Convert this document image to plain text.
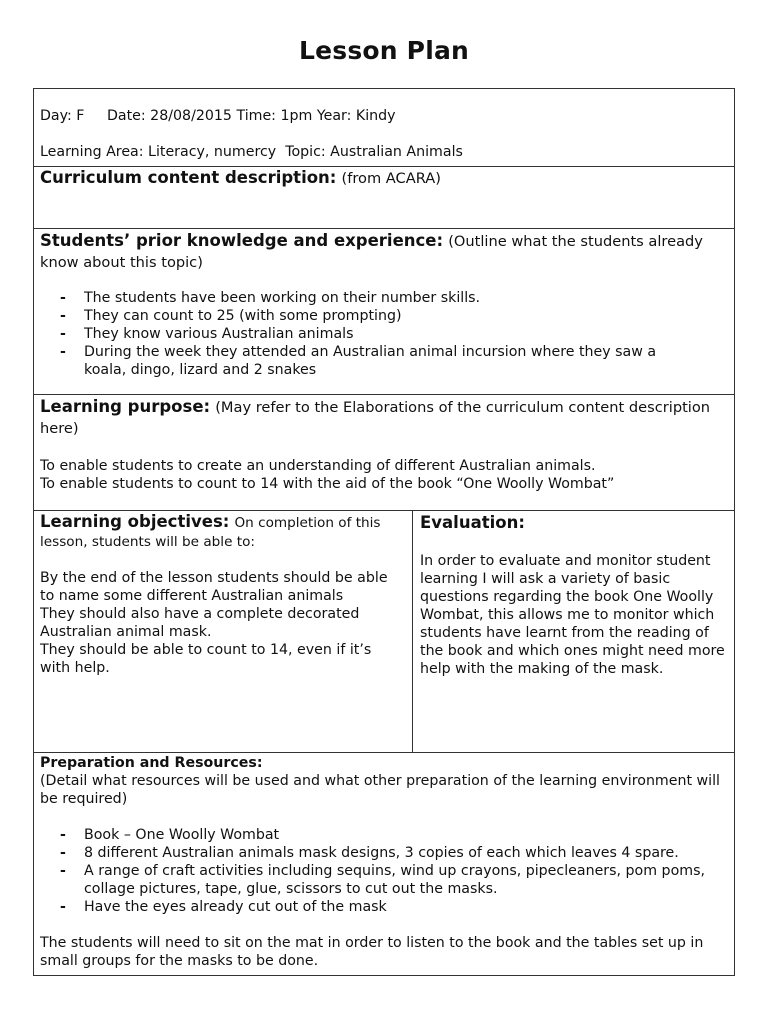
Lesson Plan

Day: F     Date: 28/08/2015 Time: 1pm Year: Kindy

Learning Area: Literacy, numercy  Topic: Australian Animals

Curriculum content description: (from ACARA)

Students’ prior knowledge and experience: (Outline what the students already know about this topic)

- The students have been working on their number skills.
- They can count to 25 (with some prompting)
- They know various Australian animals
- During the week they attended an Australian animal incursion where they saw a koala, dingo, lizard and 2 snakes

Learning purpose: (May refer to the Elaborations of the curriculum content description here)

To enable students to create an understanding of different Australian animals.

To enable students to count to 14 with the aid of the book “One Woolly Wombat”

Learning objectives: On completion of this lesson, students will be able to:

By the end of the lesson students should be able to name some different Australian animals

They should also have a complete decorated Australian animal mask.

They should be able to count to 14, even if it’s with help.

Evaluation:

In order to evaluate and monitor student learning I will ask a variety of basic questions regarding the book One Woolly Wombat, this allows me to monitor which students have learnt from the reading of the book and which ones might need more help with the making of the mask.

Preparation and Resources:

(Detail what resources will be used and what other preparation of the learning environment will be required)

- Book – One Woolly Wombat
- 8 different Australian animals mask designs, 3 copies of each which leaves 4 spare.
- A range of craft activities including sequins, wind up crayons, pipecleaners, pom poms, collage pictures, tape, glue, scissors to cut out the masks.
- Have the eyes already cut out of the mask

The students will need to sit on the mat in order to listen to the book and the tables set up in small groups for the masks to be done.
